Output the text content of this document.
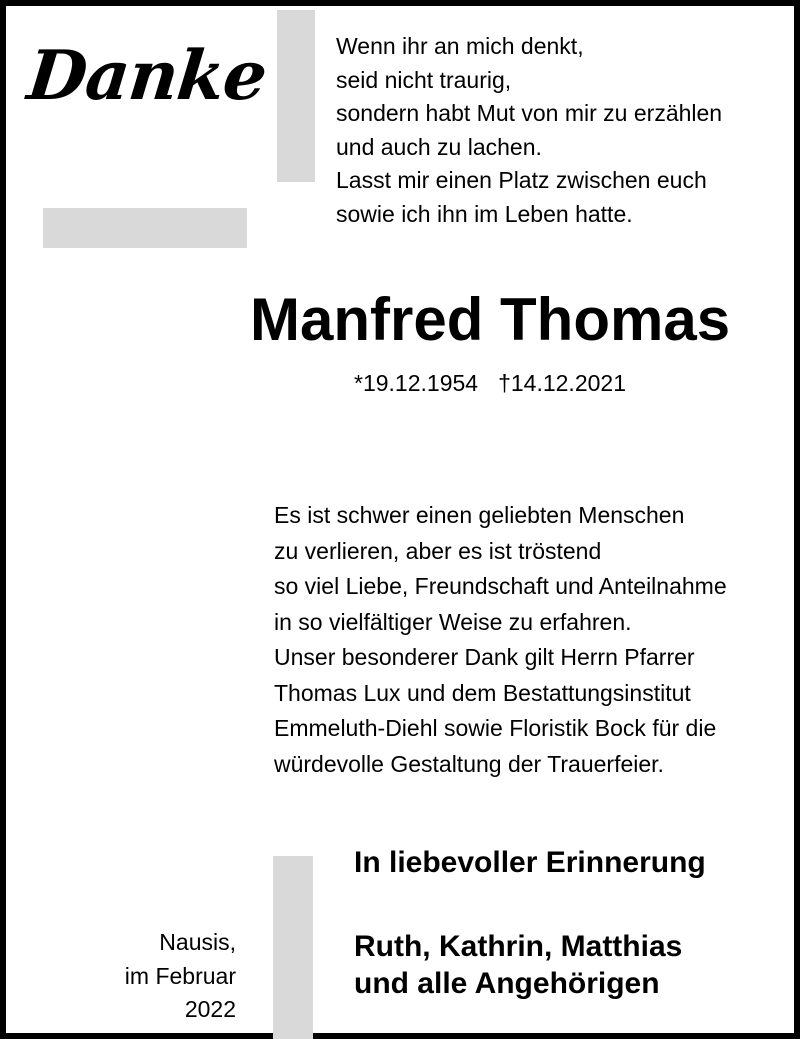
Danke	Wenn ihr an mich denkt,
seid nicht traurig,
sondern habt Mut von mir zu erzählen
und auch zu lachen.
Lasst mir einen Platz zwischen euch
sowie ich ihn im Leben hatte.
Manfred Thomas
*19.12.1954 †14.12.2021
Es ist schwer einen geliebten Menschen
zu verlieren, aber es ist tröstend
so viel Liebe, Freundschaft und Anteilnahme
in so vielfältiger Weise zu erfahren.
Unser besonderer Dank gilt Herrn Pfarrer
Thomas Lux und dem Bestattungsinstitut
Emmeluth-Diehl sowie Floristik Bock für die
würdevolle Gestaltung der Trauerfeier.
In liebevoller Erinnerung
Ruth, Kathrin, Matthias
und alle Angehörigen
Nausis,
im Februar
2022
